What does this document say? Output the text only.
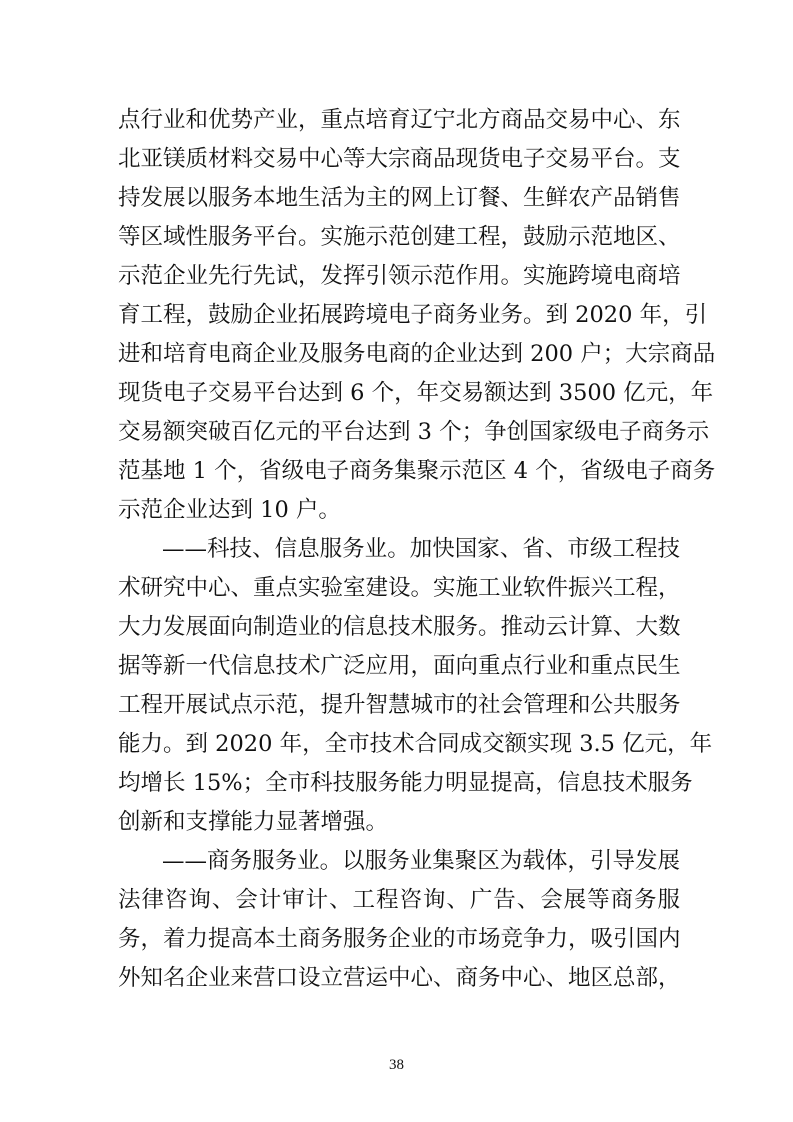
点行业和优势产业，重点培育辽宁北方商品交易中心、东
北亚镁质材料交易中心等大宗商品现货电子交易平台。支
持发展以服务本地生活为主的网上订餐、生鲜农产品销售
等区域性服务平台。实施示范创建工程，鼓励示范地区、
示范企业先行先试，发挥引领示范作用。实施跨境电商培
育工程，鼓励企业拓展跨境电子商务业务。到 2020 年，引
进和培育电商企业及服务电商的企业达到 200 户；大宗商品
现货电子交易平台达到 6 个，年交易额达到 3500 亿元，年
交易额突破百亿元的平台达到 3 个；争创国家级电子商务示
范基地 1 个，省级电子商务集聚示范区 4 个，省级电子商务
示范企业达到 10 户。
——科技、信息服务业。加快国家、省、市级工程技
术研究中心、重点实验室建设。实施工业软件振兴工程，
大力发展面向制造业的信息技术服务。推动云计算、大数
据等新一代信息技术广泛应用，面向重点行业和重点民生
工程开展试点示范，提升智慧城市的社会管理和公共服务
能力。到 2020 年，全市技术合同成交额实现 3.5 亿元，年
均增长 15%；全市科技服务能力明显提高，信息技术服务
创新和支撑能力显著增强。
——商务服务业。以服务业集聚区为载体，引导发展
法律咨询、会计审计、工程咨询、广告、会展等商务服
务，着力提高本土商务服务企业的市场竞争力，吸引国内
外知名企业来营口设立营运中心、商务中心、地区总部，
38
